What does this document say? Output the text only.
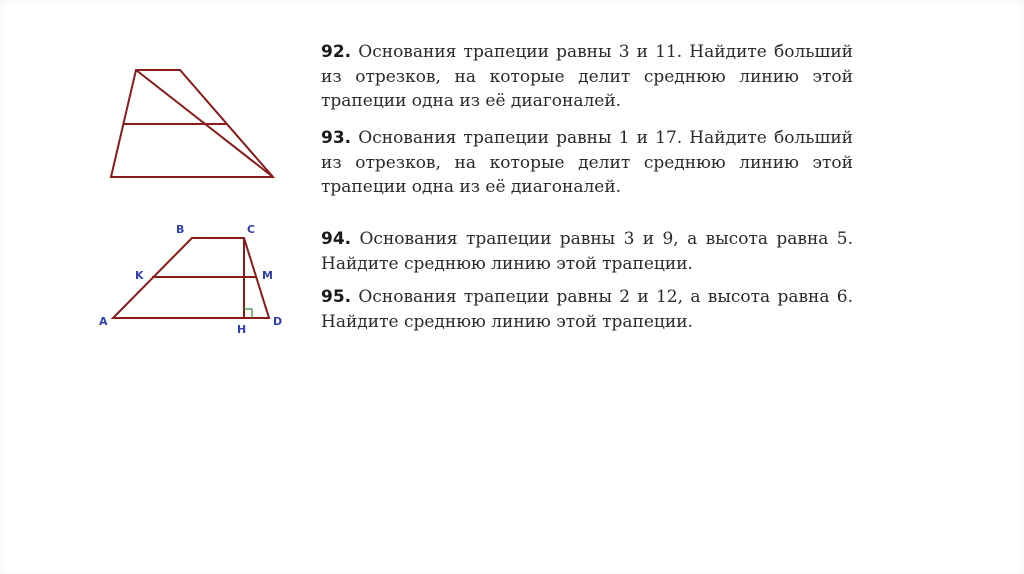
B	C
K	M
A
H
D
92. Основания трапеции равны 3 и 11. Найдите больший из отрезков, на которые делит среднюю линию этой трапеции одна из её диагоналей.
93. Основания трапеции равны 1 и 17. Найдите больший из отрезков, на которые делит среднюю линию этой трапеции одна из её диагоналей.
94. Основания трапеции равны 3 и 9, а высота равна 5. Найдите среднюю линию этой трапеции.
95. Основания трапеции равны 2 и 12, а высота равна 6. Найдите среднюю линию этой трапеции.
